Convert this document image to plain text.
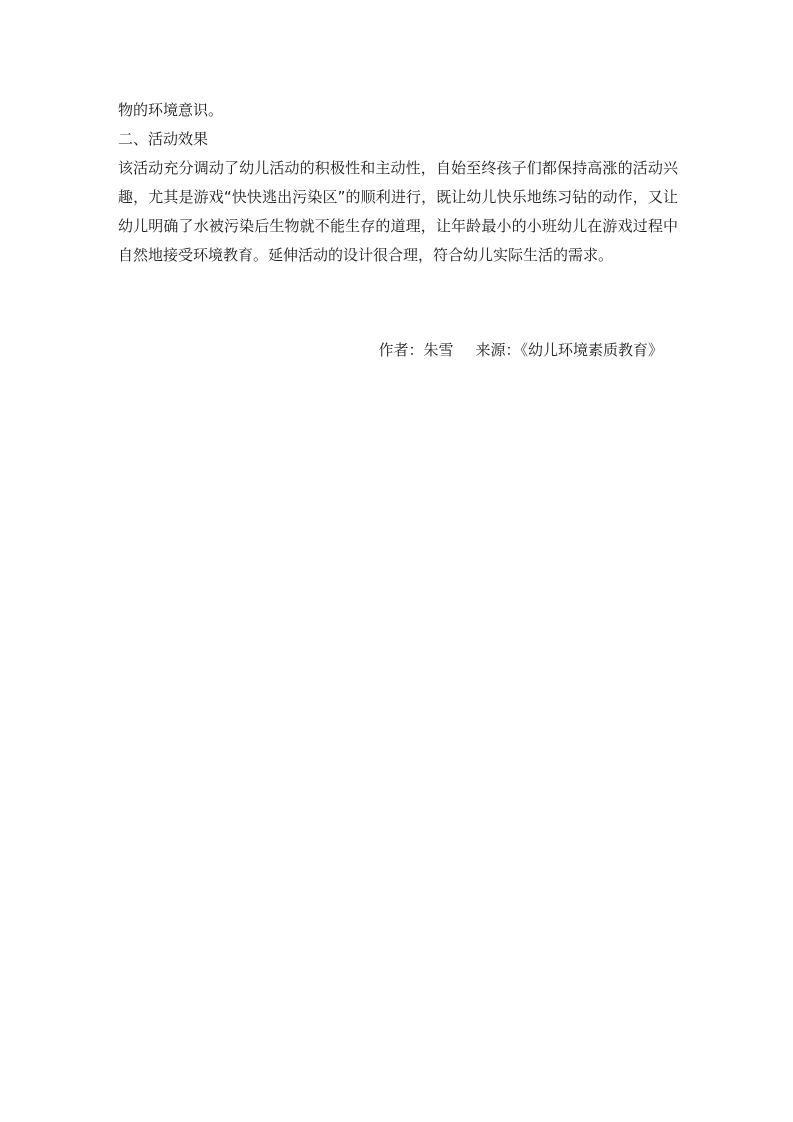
物的环境意识。

二、活动效果

该活动充分调动了幼儿活动的积极性和主动性，自始至终孩子们都保持高涨的活动兴趣，尤其是游戏“快快逃出污染区”的顺利进行，既让幼儿快乐地练习钻的动作，又让幼儿明确了水被污染后生物就不能生存的道理，让年龄最小的小班幼儿在游戏过程中自然地接受环境教育。延伸活动的设计很合理，符合幼儿实际生活的需求。

作者：朱雪 来源：《幼儿环境素质教育》
